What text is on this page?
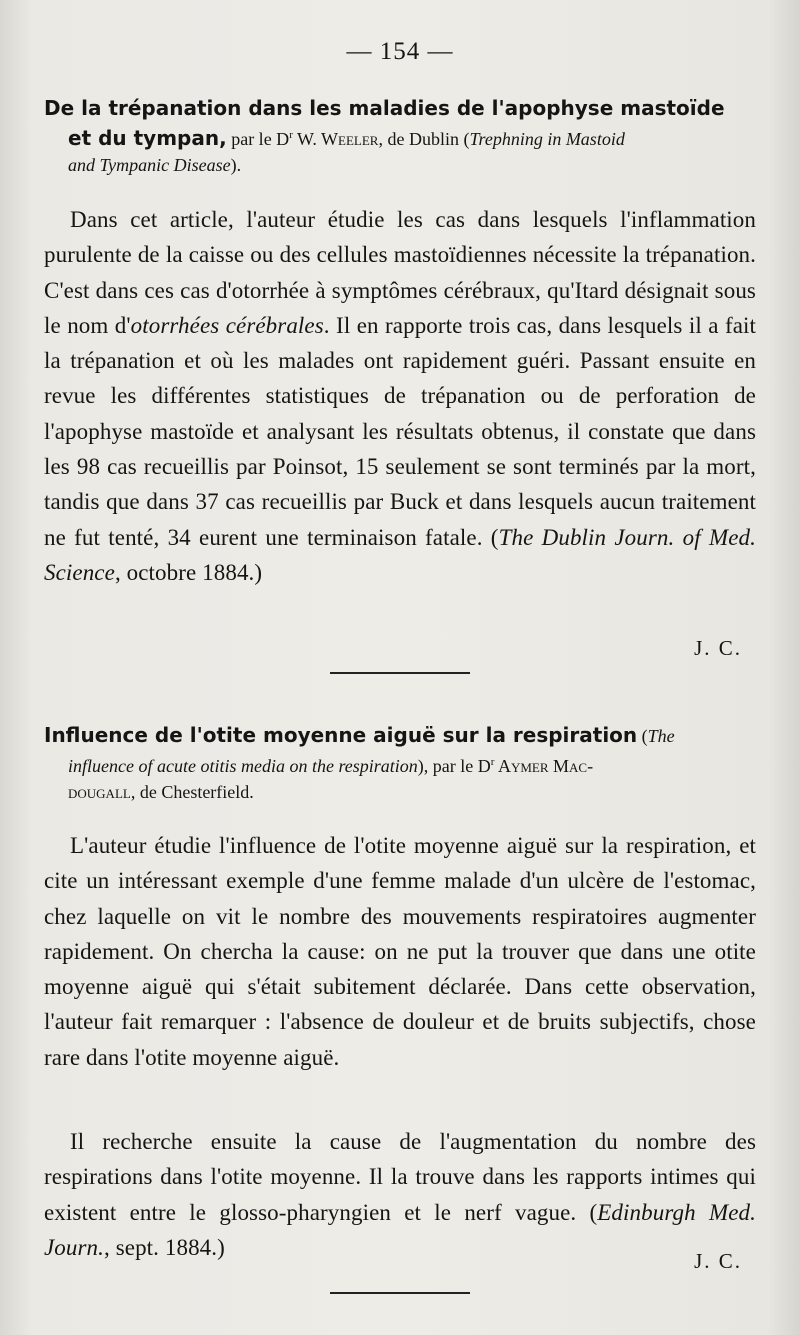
— 154 —
De la trépanation dans les maladies de l'apophyse mastoïde
et du tympan, par le $D^r$ W. Weeler, de Dublin (Trephning in Mastoid
and Tympanic Disease).
Dans cet article, l'auteur étudie les cas dans lesquels l'inflammation purulente de la caisse ou des cellules mastoïdiennes nécessite la trépanation. C'est dans ces cas d'otorrhée à symptômes cérébraux, qu'Itard désignait sous le nom d'otorrhées cérébrales. Il en rapporte trois cas, dans lesquels il a fait la trépanation et où les malades ont rapidement guéri. Passant ensuite en revue les différentes statistiques de trépanation ou de perforation de l'apophyse mastoïde et analysant les résultats obtenus, il constate que dans les 98 cas recueillis par Poinsot, 15 seulement se sont terminés par la mort, tandis que dans 37 cas recueillis par Buck et dans lesquels aucun traitement ne fut tenté, 34 eurent une terminaison fatale. (The Dublin Journ. of Med. Science, octobre 1884.)
J. C.
Influence de l'otite moyenne aiguë sur la respiration (The
influence of acute otitis media on the respiration), par le $D^r$ Aymer Mac-
dougall, de Chesterfield.
L'auteur étudie l'influence de l'otite moyenne aiguë sur la respiration, et cite un intéressant exemple d'une femme malade d'un ulcère de l'estomac, chez laquelle on vit le nombre des mouvements respiratoires augmenter rapidement. On chercha la cause: on ne put la trouver que dans une otite moyenne aiguë qui s'était subitement déclarée. Dans cette observation, l'auteur fait remarquer : l'absence de douleur et de bruits subjectifs, chose rare dans l'otite moyenne aiguë.
Il recherche ensuite la cause de l'augmentation du nombre des respirations dans l'otite moyenne. Il la trouve dans les rapports intimes qui existent entre le glosso-pharyngien et le nerf vague. (Edinburgh Med. Journ., sept. 1884.)
J. C.
